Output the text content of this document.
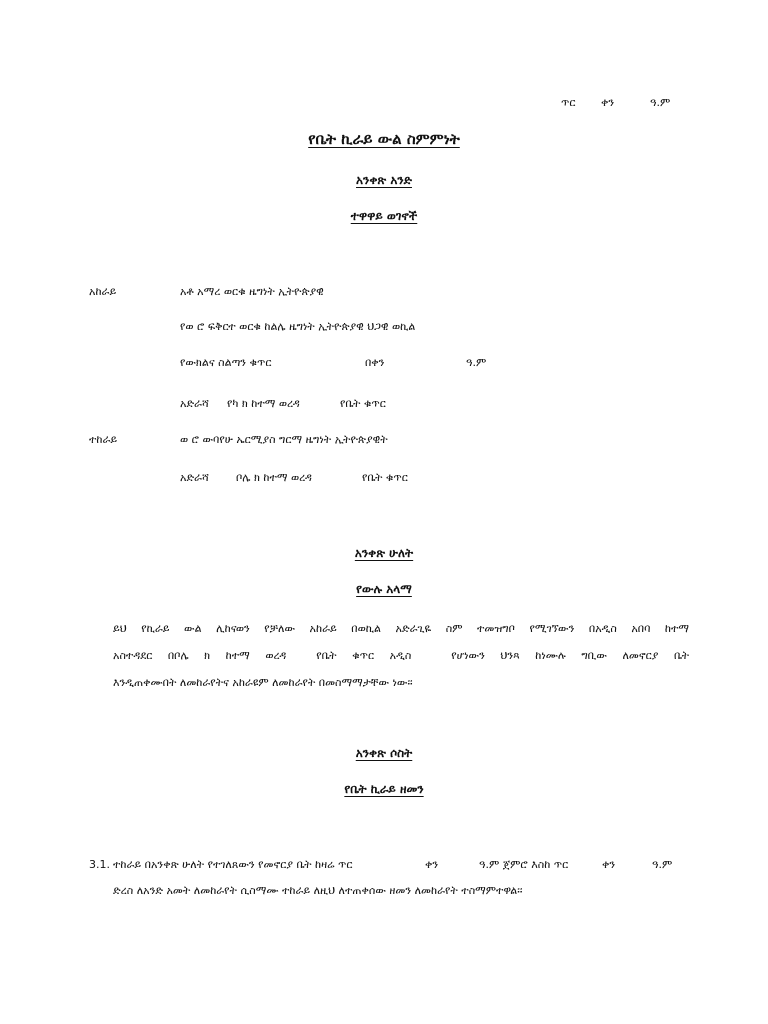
ጥር ቀን	ዓ.ም
የቤት ኪራይ ውል ስምምነት
አንቀጽ አንድ
ተዋዋይ ወገኖች
አከራይ	አቶ አማረ ወርቁ ዜግነት ኢትዮጵያዊ
የወ ሮ ፍቅርተ ወርቁ ከልሌ ዜግነት ኢትዮጵያዊ ህጋዊ ወኪል
የውክልና ስልጣን ቁጥር	በቀን	ዓ.ም
አድራሻ የካ ክ ከተማ ወረዳ	የቤት ቁጥር
ተከራይ	ወ ሮ ውባየሁ ኤርሚያስ ግርማ ዜግነት ኢትዮጵያዊት
አድራሻ ቦሌ ክ ከተማ ወረዳ	የቤት ቁጥር
አንቀጽ ሁለት
የውሉ አላማ
ይህ የኪራይ ውል ሊከናወን የቻለው አከራይ በወኪል አድራጊዬ ስም ተመዝግቦ የሚገኘውን በአዲስ አበባ ከተማ
አስተዳደር በቦሌ ክ ከተማ ወረዳ	የቤት ቁጥር አዲስ	የሆነውን ህንጻ ከነሙሉ ግቢው ለመኖርያ ቤት
እንዲጠቀሙበት ለመከራየትና አከራዩም ለመከራየት በመስማማታቸው ነው፡፡
አንቀጽ ሶስት
የቤት ኪራይ ዘመን
3.1. ተከራይ በአንቀጽ ሁለት የተገለጸውን የመኖርያ ቤት ከዛሬ ጥር	ቀን	ዓ.ም ጀምሮ እስከ ጥር	ቀን	ዓ.ም
ድረስ ለአንድ አመት ለመከራየት ሲስማሙ ተከራይ ለዚህ ለተጠቀሰው ዘመን ለመከራየት ተስማምተዋል፡፡
